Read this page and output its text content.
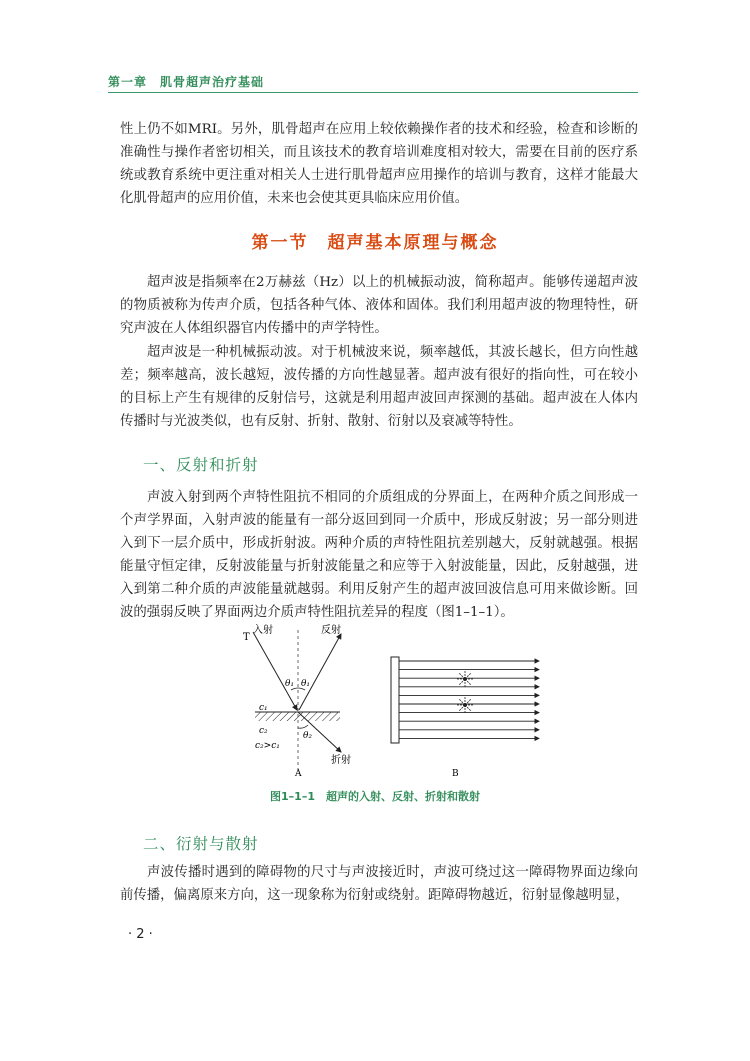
第一章　肌骨超声治疗基础

性上仍不如MRI。另外，肌骨超声在应用上较依赖操作者的技术和经验，检查和诊断的准确性与操作者密切相关，而且该技术的教育培训难度相对较大，需要在目前的医疗系统或教育系统中更注重对相关人士进行肌骨超声应用操作的培训与教育，这样才能最大化肌骨超声的应用价值，未来也会使其更具临床应用价值。

第一节　超声基本原理与概念

超声波是指频率在2万赫兹（Hz）以上的机械振动波，简称超声。能够传递超声波的物质被称为传声介质，包括各种气体、液体和固体。我们利用超声波的物理特性，研究声波在人体组织器官内传播中的声学特性。

超声波是一种机械振动波。对于机械波来说，频率越低，其波长越长，但方向性越差；频率越高，波长越短，波传播的方向性越显著。超声波有很好的指向性，可在较小的目标上产生有规律的反射信号，这就是利用超声波回声探测的基础。超声波在人体内传播时与光波类似，也有反射、折射、散射、衍射以及衰减等特性。

一、反射和折射

声波入射到两个声特性阻抗不相同的介质组成的分界面上，在两种介质之间形成一个声学界面，入射声波的能量有一部分返回到同一介质中，形成反射波；另一部分则进入到下一层介质中，形成折射波。两种介质的声特性阻抗差别越大，反射就越强。根据能量守恒定律，反射波能量与折射波能量之和应等于入射波能量，因此，反射越强，进入到第二种介质的声波能量就越弱。利用反射产生的超声波回波信息可用来做诊断。回波的强弱反映了界面两边介质声特性阻抗差异的程度（图1–1–1）。

T
入射	反射
θ₁ θ₁
θ₂
c₁
c₂
c₂>c₁
折射
A	B
图1–1–1　超声的入射、反射、折射和散射
二、衍射与散射

声波传播时遇到的障碍物的尺寸与声波接近时，声波可绕过这一障碍物界面边缘向前传播，偏离原来方向，这一现象称为衍射或绕射。距障碍物越近，衍射显像越明显，

· 2 ·
